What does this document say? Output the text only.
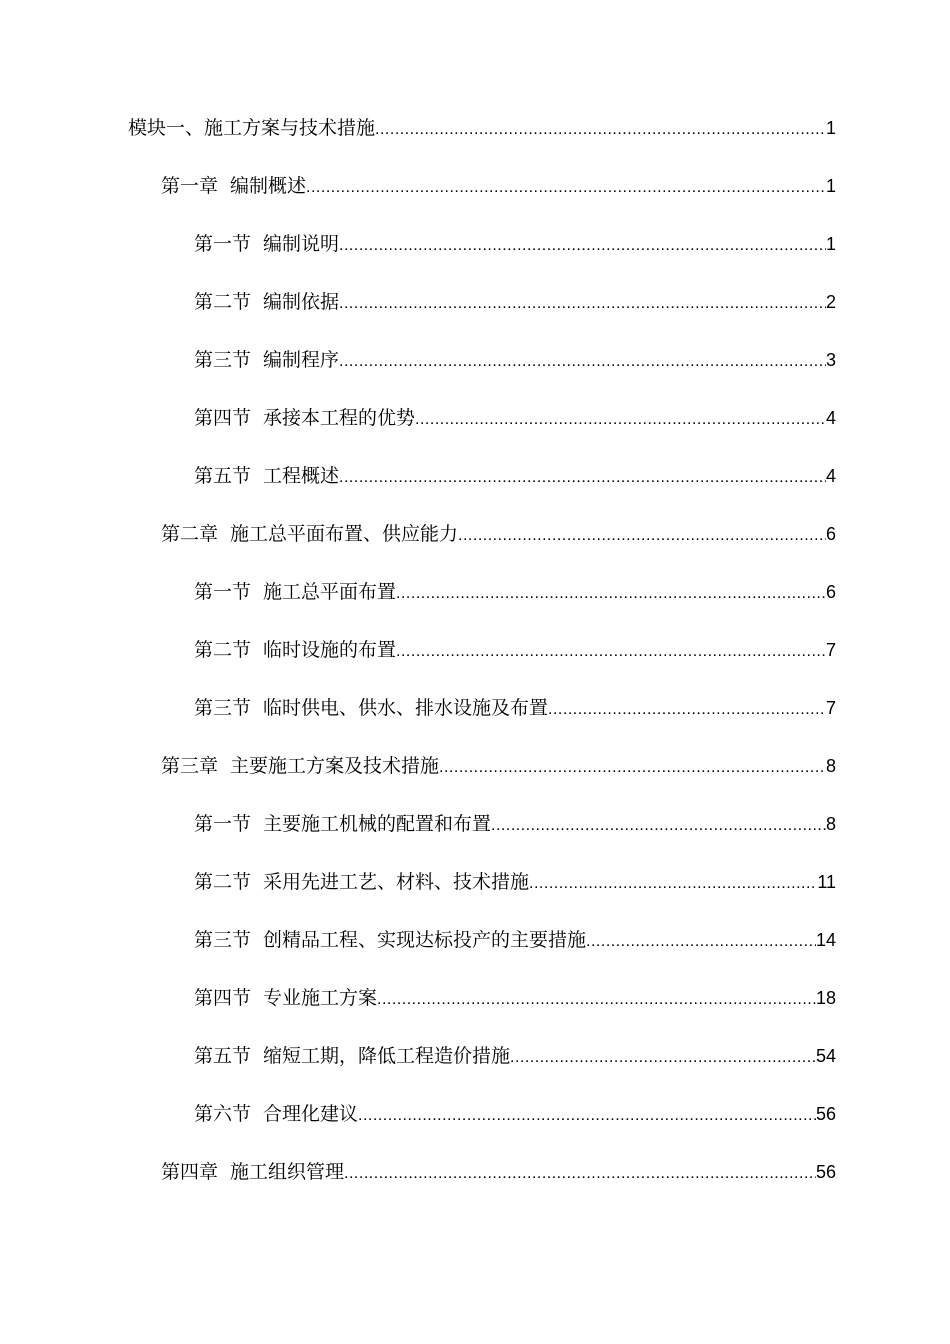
模块一、 施工方案与技术措施 .....	1
第一章 编制概述 .....	1
第一节 编制说明 .....	1
第二节 编制依据 .....	2
第三节 编制程序 .....	3
第四节 承接本工程的优势 .....	4
第五节 工程概述 .....	4
第二章 施工总平面布置、供应能力 .....	6
第一节 施工总平面布置 .....	6
第二节 临时设施的布置 .....	7
第三节 临时供电、供水、排水设施及布置 .....	7
第三章 主要施工方案及技术措施 .....	8
第一节 主要施工机械的配置和布置 .....	8
第二节 采用先进工艺、材料、技术措施 .....	11
第三节 创精品工程、实现达标投产的主要措施 .....	14
第四节 专业施工方案 .....	18
第五节 缩短工期，降低工程造价措施 .....	54
第六节 合理化建议 .....	56
第四章 施工组织管理 .....	56
